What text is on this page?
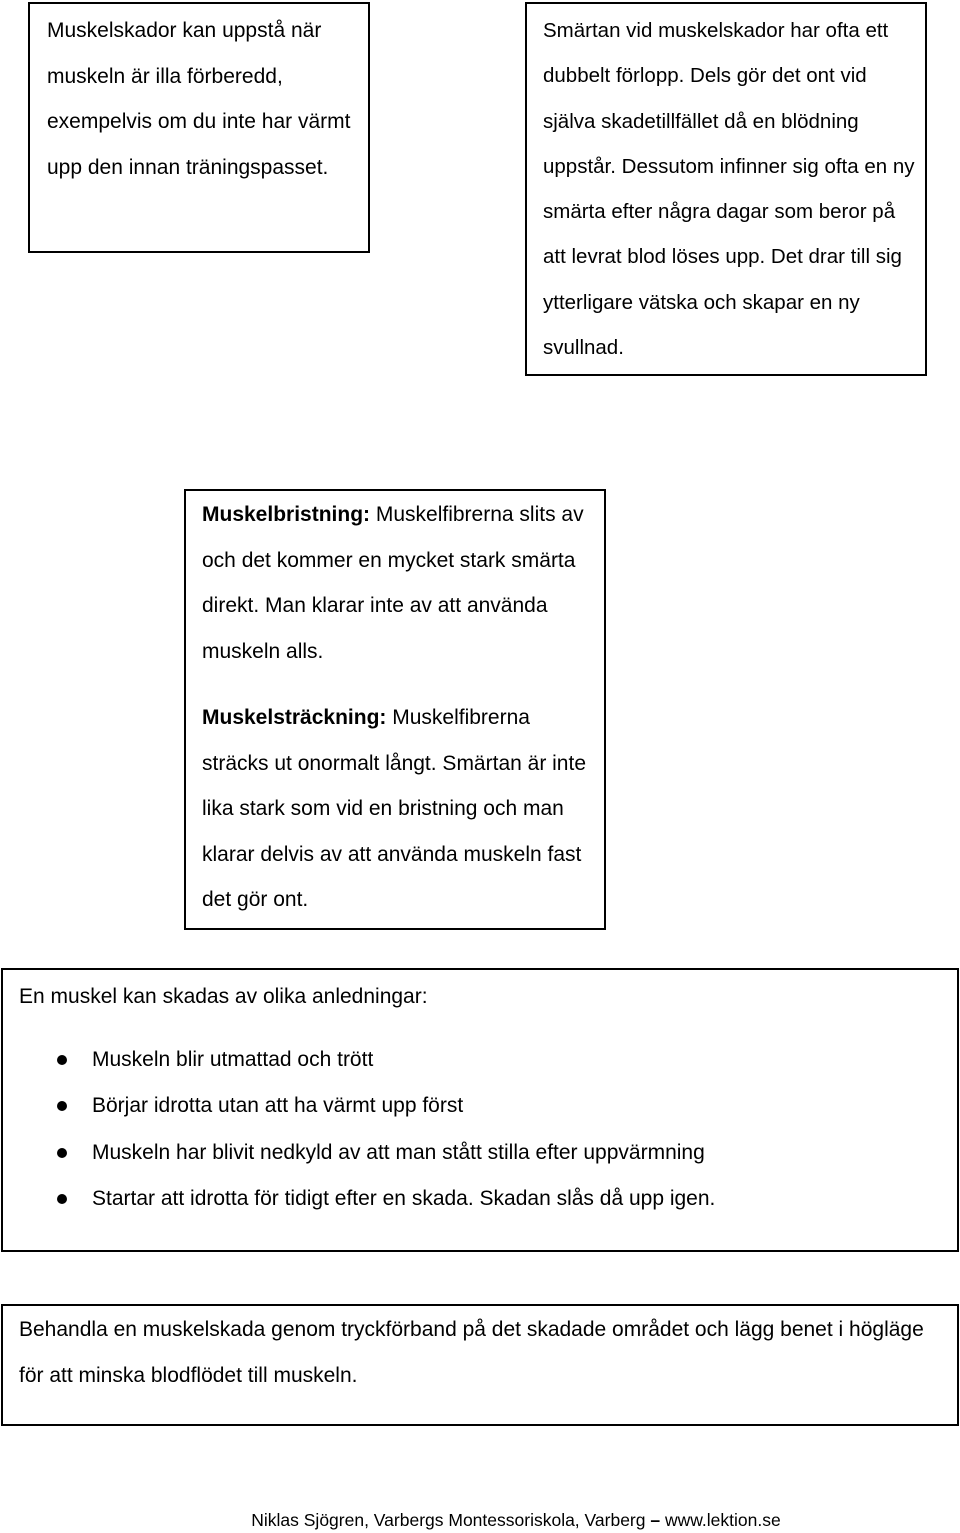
Muskelskador kan uppstå när muskeln är illa förberedd, exempelvis om du inte har värmt upp den innan träningspasset.
Smärtan vid muskelskador har ofta ett dubbelt förlopp. Dels gör det ont vid själva skadetillfället då en blödning uppstår. Dessutom infinner sig ofta en ny smärta efter några dagar som beror på att levrat blod löses upp. Det drar till sig ytterligare vätska och skapar en ny svullnad.

Muskelbristning: Muskelfibrerna slits av och det kommer en mycket stark smärta direkt. Man klarar inte av att använda muskeln alls.

Muskelsträckning: Muskelfibrerna sträcks ut onormalt långt. Smärtan är inte lika stark som vid en bristning och man klarar delvis av att använda muskeln fast det gör ont.

En muskel kan skadas av olika anledningar:

Muskeln blir utmattad och trött
Börjar idrotta utan att ha värmt upp först
Muskeln har blivit nedkyld av att man stått stilla efter uppvärmning
Startar att idrotta för tidigt efter en skada. Skadan slås då upp igen.
Behandla en muskelskada genom tryckförband på det skadade området och lägg benet i högläge för att minska blodflödet till muskeln.
Niklas Sjögren, Varbergs Montessoriskola, Varberg – www.lektion.se
